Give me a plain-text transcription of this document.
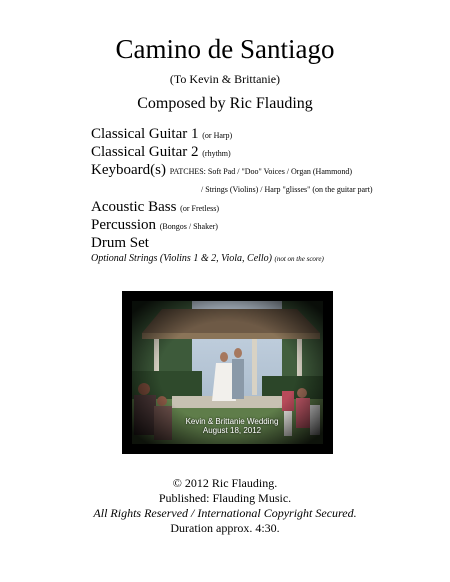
Camino de Santiago
(To Kevin & Brittanie)
Composed by Ric Flauding
Classical Guitar 1 (or Harp)
Classical Guitar 2 (rhythm)
Keyboard(s) PATCHES: Soft Pad / "Doo" Voices / Organ (Hammond)
/ Strings (Violins) / Harp "glisses" (on the guitar part)
Acoustic Bass (or Fretless)
Percussion (Bongos / Shaker)
Drum Set
Optional Strings (Violins 1 & 2, Viola, Cello) (not on the score)
Kevin & Brittanie Wedding
August 18, 2012
© 2012 Ric Flauding.
Published: Flauding Music.
All Rights Reserved / International Copyright Secured.
Duration approx. 4:30.
